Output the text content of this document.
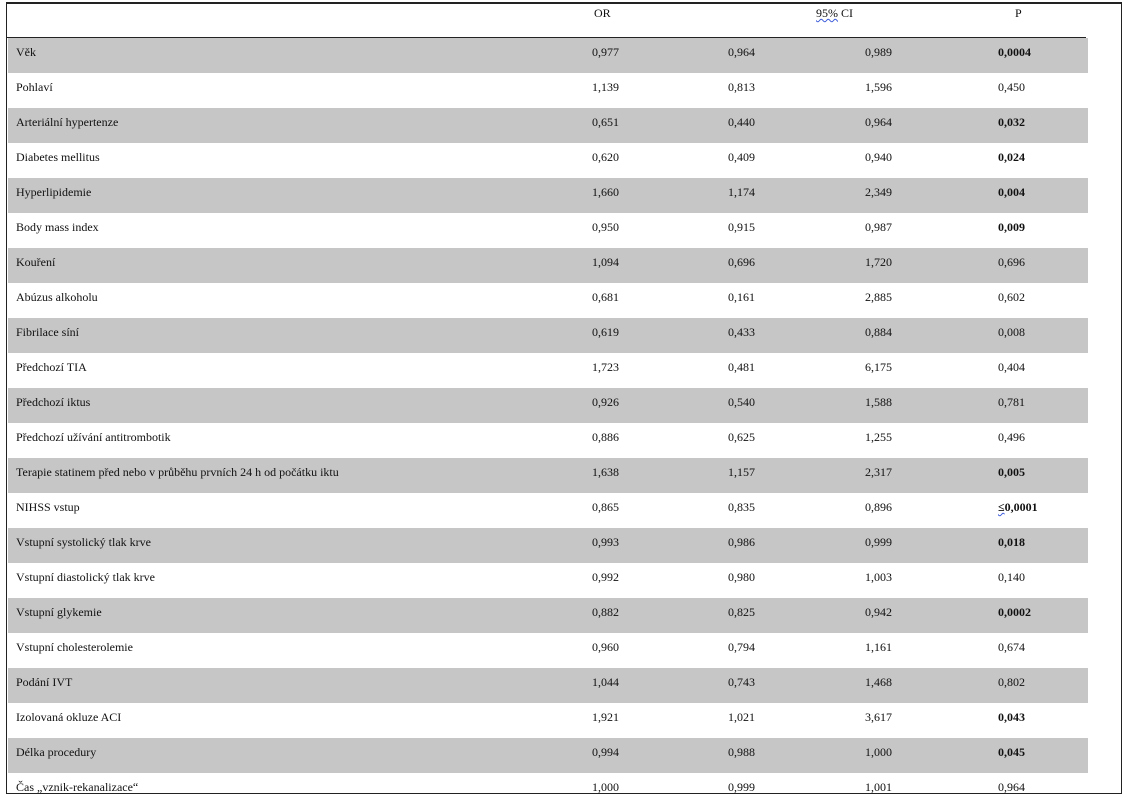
OR	95% CI	P
Věk	0,977	0,964	0,989	0,0004
Pohlaví	1,139	0,813	1,596	0,450
Arteriální hypertenze	0,651	0,440	0,964	0,032
Diabetes mellitus	0,620	0,409	0,940	0,024
Hyperlipidemie	1,660	1,174	2,349	0,004
Body mass index	0,950	0,915	0,987	0,009
Kouření	1,094	0,696	1,720	0,696
Abúzus alkoholu	0,681	0,161	2,885	0,602
Fibrilace síní	0,619	0,433	0,884	0,008
Předchozí TIA	1,723	0,481	6,175	0,404
Předchozí iktus	0,926	0,540	1,588	0,781
Předchozí užívání antitrombotik	0,886	0,625	1,255	0,496
Terapie statinem před nebo v průběhu prvních 24 h od počátku iktu	1,638	1,157	2,317	0,005
NIHSS vstup	0,865	0,835	0,896	≤0,0001
Vstupní systolický tlak krve	0,993	0,986	0,999	0,018
Vstupní diastolický tlak krve	0,992	0,980	1,003	0,140
Vstupní glykemie	0,882	0,825	0,942	0,0002
Vstupní cholesterolemie	0,960	0,794	1,161	0,674
Podání IVT	1,044	0,743	1,468	0,802
Izolovaná okluze ACI	1,921	1,021	3,617	0,043
Délka procedury	0,994	0,988	1,000	0,045
Čas „vznik-rekanalizace“	1,000	0,999	1,001	0,964
